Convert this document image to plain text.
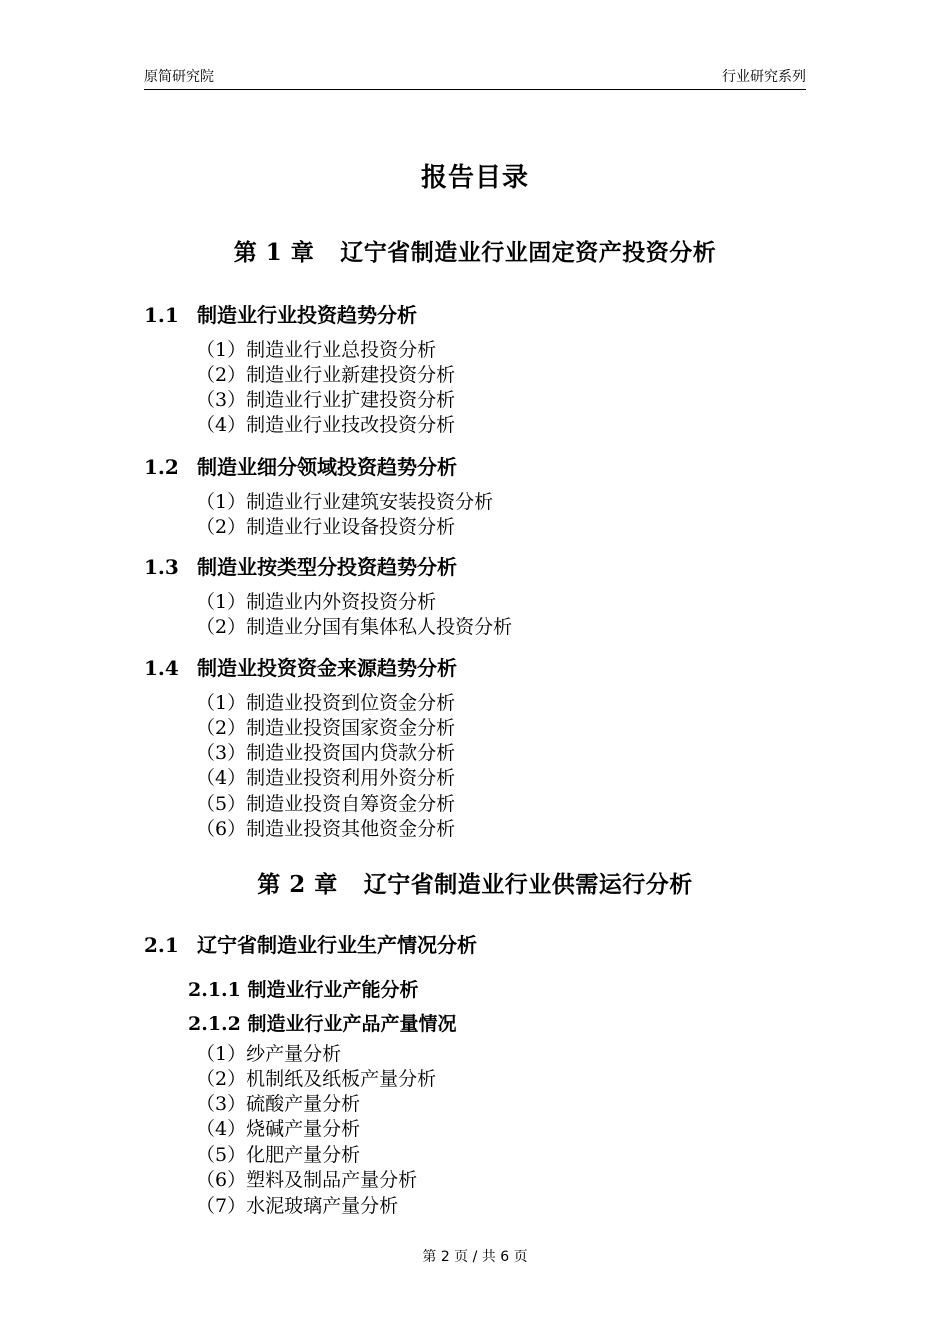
原简研究院	行业研究系列
报告目录
第 1 章 辽宁省制造业行业固定资产投资分析
1.1 制造业行业投资趋势分析
（1）制造业行业总投资分析
（2）制造业行业新建投资分析
（3）制造业行业扩建投资分析
（4）制造业行业技改投资分析
1.2 制造业细分领域投资趋势分析
（1）制造业行业建筑安装投资分析
（2）制造业行业设备投资分析
1.3 制造业按类型分投资趋势分析
（1）制造业内外资投资分析
（2）制造业分国有集体私人投资分析
1.4 制造业投资资金来源趋势分析
（1）制造业投资到位资金分析
（2）制造业投资国家资金分析
（3）制造业投资国内贷款分析
（4）制造业投资利用外资分析
（5）制造业投资自筹资金分析
（6）制造业投资其他资金分析
第 2 章 辽宁省制造业行业供需运行分析
2.1 辽宁省制造业行业生产情况分析
2.1.1 制造业行业产能分析
2.1.2 制造业行业产品产量情况
（1）纱产量分析
（2）机制纸及纸板产量分析
（3）硫酸产量分析
（4）烧碱产量分析
（5）化肥产量分析
（6）塑料及制品产量分析
（7）水泥玻璃产量分析
第 2 页 / 共 6 页
